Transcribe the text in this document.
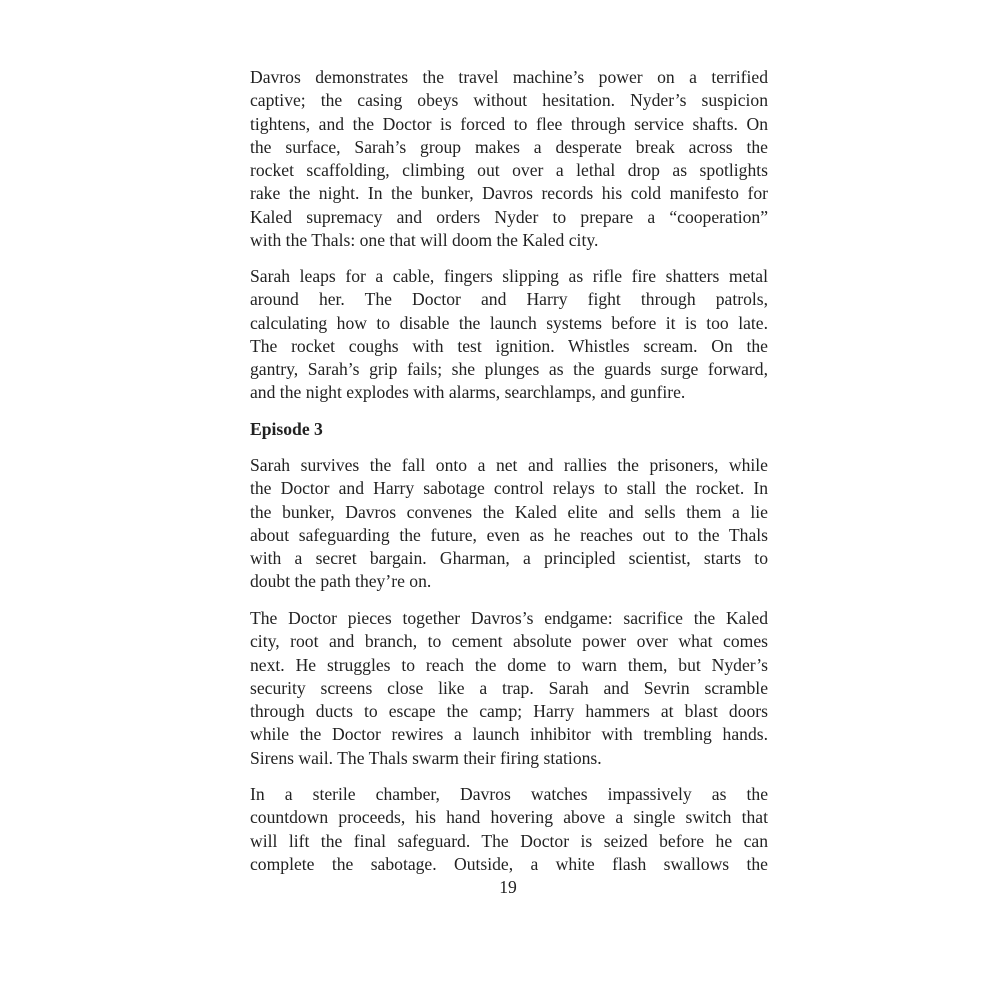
Davros demonstrates the travel machine’s power on a terrified
captive; the casing obeys without hesitation. Nyder’s suspicion
tightens, and the Doctor is forced to flee through service shafts. On
the surface, Sarah’s group makes a desperate break across the
rocket scaffolding, climbing out over a lethal drop as spotlights
rake the night. In the bunker, Davros records his cold manifesto for
Kaled supremacy and orders Nyder to prepare a “cooperation”
with the Thals: one that will doom the Kaled city.
Sarah leaps for a cable, fingers slipping as rifle fire shatters metal
around her. The Doctor and Harry fight through patrols,
calculating how to disable the launch systems before it is too late.
The rocket coughs with test ignition. Whistles scream. On the
gantry, Sarah’s grip fails; she plunges as the guards surge forward,
and the night explodes with alarms, searchlamps, and gunfire.
Episode 3
Sarah survives the fall onto a net and rallies the prisoners, while
the Doctor and Harry sabotage control relays to stall the rocket. In
the bunker, Davros convenes the Kaled elite and sells them a lie
about safeguarding the future, even as he reaches out to the Thals
with a secret bargain. Gharman, a principled scientist, starts to
doubt the path they’re on.
The Doctor pieces together Davros’s endgame: sacrifice the Kaled
city, root and branch, to cement absolute power over what comes
next. He struggles to reach the dome to warn them, but Nyder’s
security screens close like a trap. Sarah and Sevrin scramble
through ducts to escape the camp; Harry hammers at blast doors
while the Doctor rewires a launch inhibitor with trembling hands.
Sirens wail. The Thals swarm their firing stations.
In a sterile chamber, Davros watches impassively as the
countdown proceeds, his hand hovering above a single switch that
will lift the final safeguard. The Doctor is seized before he can
complete the sabotage. Outside, a white flash swallows the
19
